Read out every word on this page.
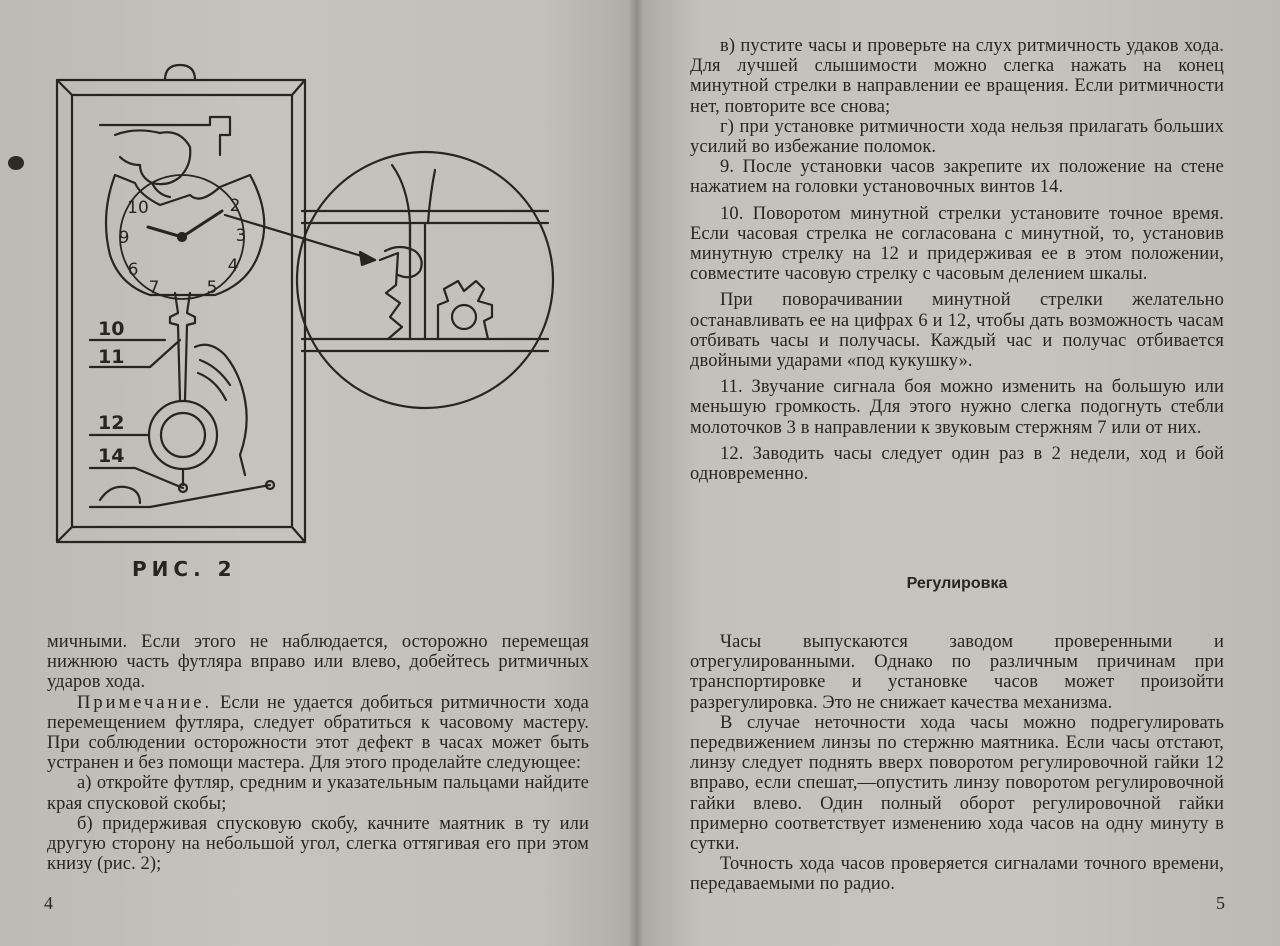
10	2
9	3
6	4
7	5
10
11
12
14
РИС. 2

мичными. Если этого не наблюдается, осторожно перемещая нижнюю часть футляра вправо или влево, добейтесь ритмичных ударов хода.

Примечание. Если не удается добиться ритмичности хода перемещением футляра, следует обратиться к часовому мастеру. При соблюдении осторожности этот дефект в часах может быть устранен и без помощи мастера. Для этого проделайте следующее:

а) откройте футляр, средним и указательным пальцами найдите края спусковой скобы;

б) придерживая спусковую скобу, качните маятник в ту или другую сторону на небольшой угол, слегка оттягивая его при этом книзу (рис. 2);

4

в) пустите часы и проверьте на слух ритмичность удаков хода. Для лучшей слышимости можно слегка нажать на конец минутной стрелки в направлении ее вращения. Если ритмичности нет, повторите все снова;

г) при установке ритмичности хода нельзя прилагать больших усилий во избежание поломок.

9. После установки часов закрепите их положение на стене нажатием на головки установочных винтов 14.

10. Поворотом минутной стрелки установите точное время. Если часовая стрелка не согласована с минутной, то, установив минутную стрелку на 12 и придерживая ее в этом положении, совместите часовую стрелку с часовым делением шкалы.

При поворачивании минутной стрелки желательно останавливать ее на цифрах 6 и 12, чтобы дать возможность часам отбивать часы и получасы. Каждый час и получас отбивается двойными ударами «под кукушку».

11. Звучание сигнала боя можно изменить на большую или меньшую громкость. Для этого нужно слегка подогнуть стебли молоточков 3 в направлении к звуковым стержням 7 или от них.

12. Заводить часы следует один раз в 2 недели, ход и бой одновременно.

Регулировка

Часы выпускаются заводом проверенными и отрегулированными. Однако по различным причинам при транспортировке и установке часов может произойти разрегулировка. Это не снижает качества механизма.

В случае неточности хода часы можно подрегулировать передвижением линзы по стержню маятника. Если часы отстают, линзу следует поднять вверх поворотом регулировочной гайки 12 вправо, если спешат,—опустить линзу поворотом регулировочной гайки влево. Один полный оборот регулировочной гайки примерно соответствует изменению хода часов на одну минуту в сутки.

Точность хода часов проверяется сигналами точного времени, передаваемыми по радио.

5
